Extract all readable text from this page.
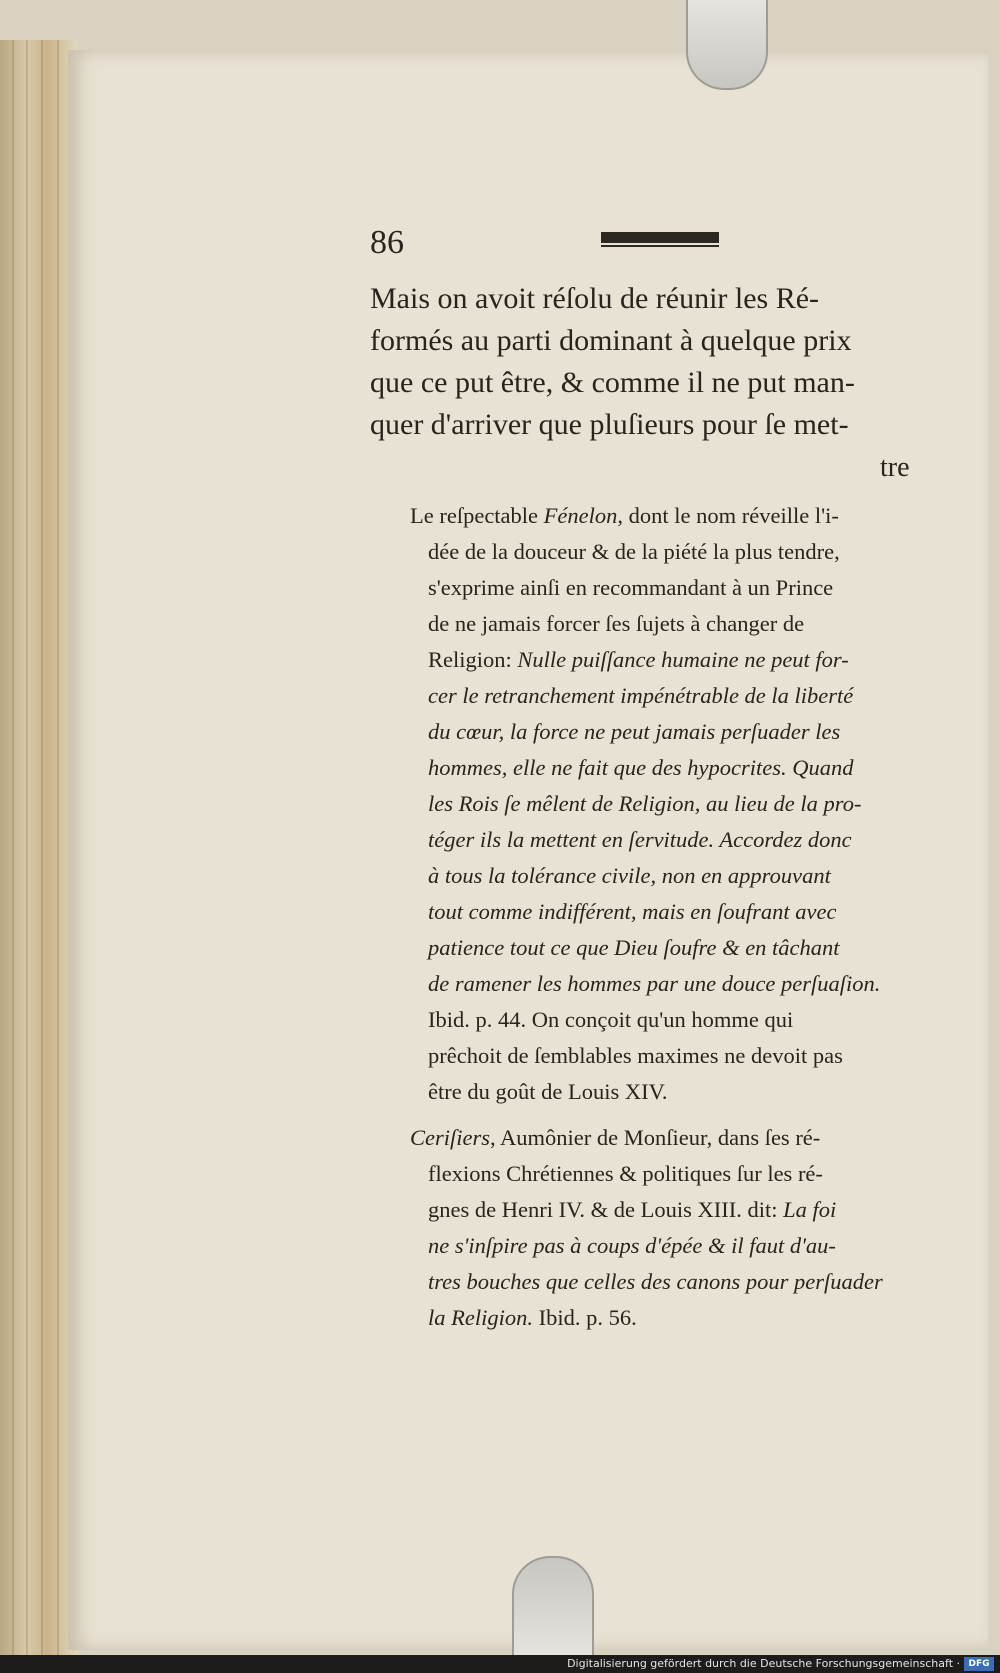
86
Mais on avoit réſolu de réunir les Ré-
formés au parti dominant à quelque prix
que ce put être, & comme il ne put man-
quer d'arriver que pluſieurs pour ſe met-
tre
Le reſpectable Fénelon, dont le nom réveille l'i-
dée de la douceur & de la piété la plus tendre,
s'exprime ainſi en recommandant à un Prince
de ne jamais forcer ſes ſujets à changer de
Religion: Nulle puiſſance humaine ne peut for-
cer le retranchement impénétrable de la liberté
du cœur, la force ne peut jamais perſuader les
hommes, elle ne fait que des hypocrites. Quand
les Rois ſe mêlent de Religion, au lieu de la pro-
téger ils la mettent en ſervitude. Accordez donc
à tous la tolérance civile, non en approuvant
tout comme indifférent, mais en ſoufrant avec
patience tout ce que Dieu ſoufre & en tâchant
de ramener les hommes par une douce perſuaſion.
Ibid. p. 44. On conçoit qu'un homme qui
prêchoit de ſemblables maximes ne devoit pas
être du goût de Louis XIV.
Ceriſiers, Aumônier de Monſieur, dans ſes ré-
flexions Chrétiennes & politiques ſur les ré-
gnes de Henri IV. & de Louis XIII. dit: La foi
ne s'inſpire pas à coups d'épée & il faut d'au-
tres bouches que celles des canons pour perſuader
la Religion. Ibid. p. 56.
Digitalisierung gefördert durch die Deutsche Forschungsgemeinschaft · DFG
